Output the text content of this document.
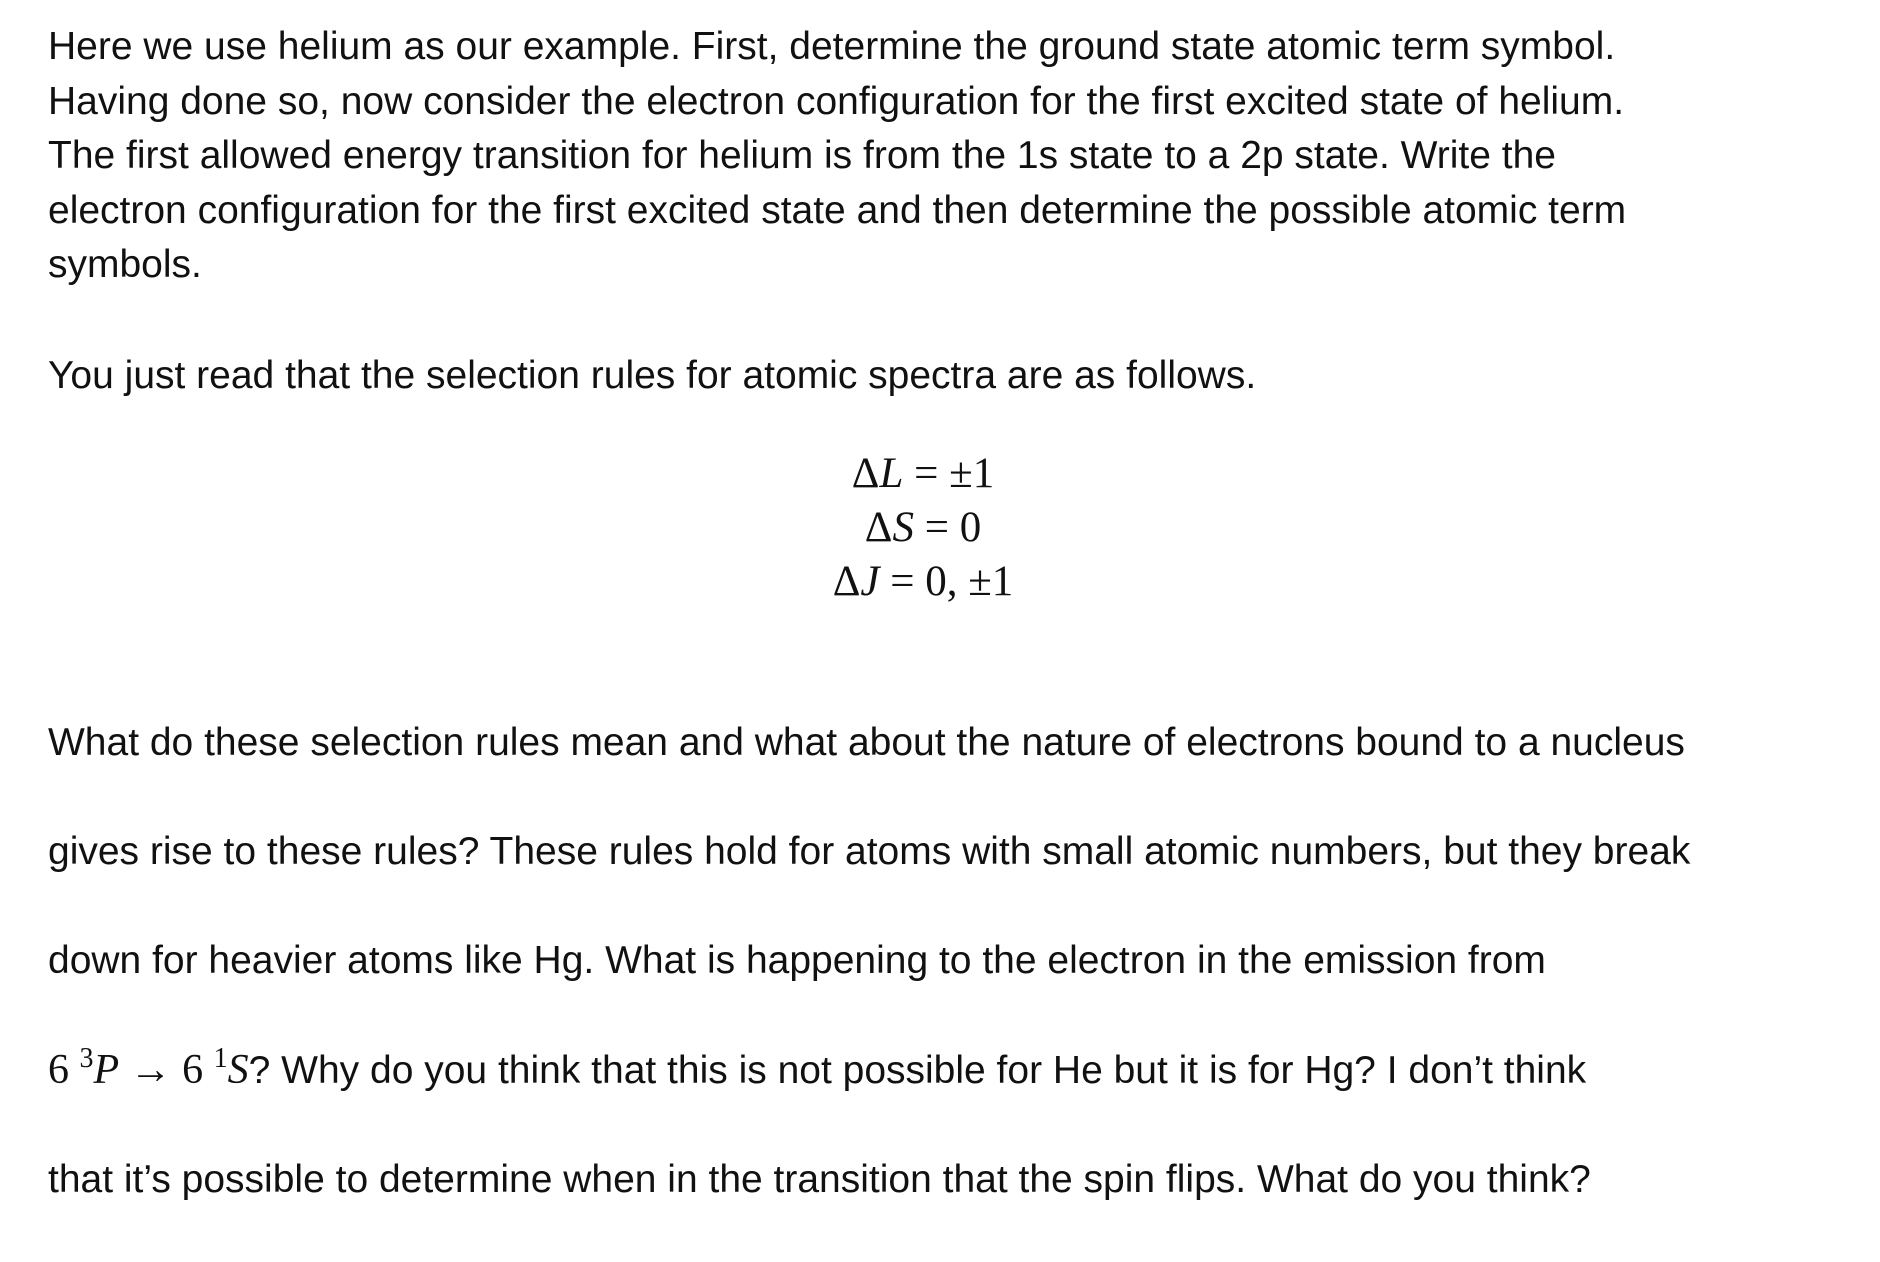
Here we use helium as our example. First, determine the ground state atomic term symbol.
Having done so, now consider the electron configuration for the first excited state of helium.
The first allowed energy transition for helium is from the 1s state to a 2p state. Write the
electron configuration for the first excited state and then determine the possible atomic term
symbols.

You just read that the selection rules for atomic spectra are as follows.

ΔL = ±1
ΔS = 0
ΔJ = 0, ±1

What do these selection rules mean and what about the nature of electrons bound to a nucleus

gives rise to these rules? These rules hold for atoms with small atomic numbers, but they break

down for heavier atoms like Hg. What is happening to the electron in the emission from

6 $^3$P → 6 $^1$S? Why do you think that this is not possible for He but it is for Hg? I don’t think

that it’s possible to determine when in the transition that the spin flips. What do you think?
